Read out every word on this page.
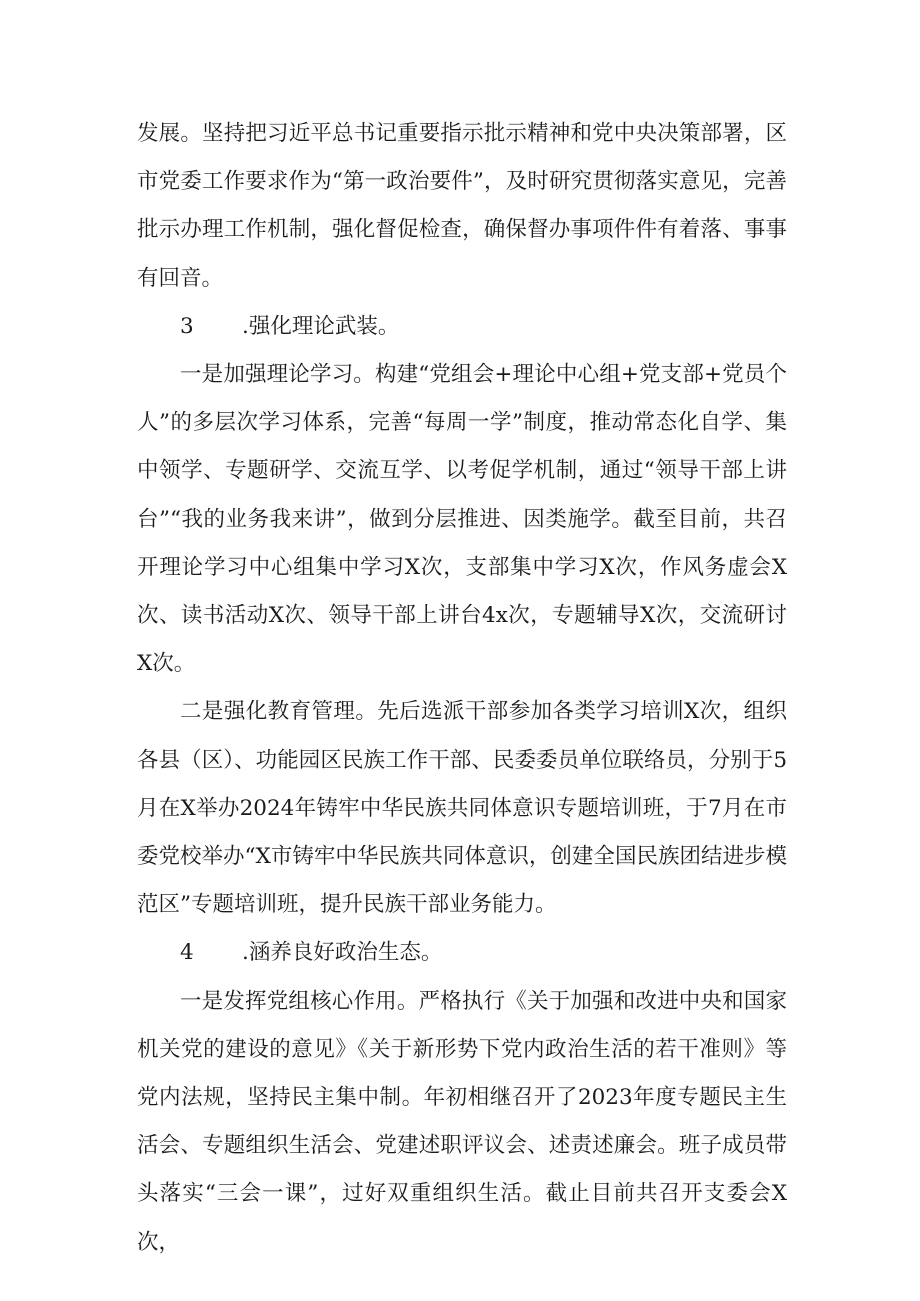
发展。坚持把习近平总书记重要指示批示精神和党中央决策部署，区市党委工作要求作为“第一政治要件”，及时研究贯彻落实意见，完善批示办理工作机制，强化督促检查，确保督办事项件件有着落、事事有回音。

3 .强化理论武装。

一是加强理论学习。构建“党组会+理论中心组+党支部+党员个人”的多层次学习体系，完善“每周一学”制度，推动常态化自学、集中领学、专题研学、交流互学、以考促学机制，通过“领导干部上讲台”“我的业务我来讲”，做到分层推进、因类施学。截至目前，共召开理论学习中心组集中学习X次，支部集中学习X次，作风务虚会X次、读书活动X次、领导干部上讲台4x次，专题辅导X次，交流研讨X次。

二是强化教育管理。先后选派干部参加各类学习培训X次，组织各县（区）、功能园区民族工作干部、民委委员单位联络员，分别于5月在X举办2024年铸牢中华民族共同体意识专题培训班，于7月在市委党校举办“X市铸牢中华民族共同体意识，创建全国民族团结进步模范区”专题培训班，提升民族干部业务能力。

4 .涵养良好政治生态。

一是发挥党组核心作用。严格执行《关于加强和改进中央和国家机关党的建设的意见》《关于新形势下党内政治生活的若干准则》等党内法规，坚持民主集中制。年初相继召开了2023年度专题民主生活会、专题组织生活会、党建述职评议会、述责述廉会。班子成员带头落实“三会一课”，过好双重组织生活。截止目前共召开支委会X次，
